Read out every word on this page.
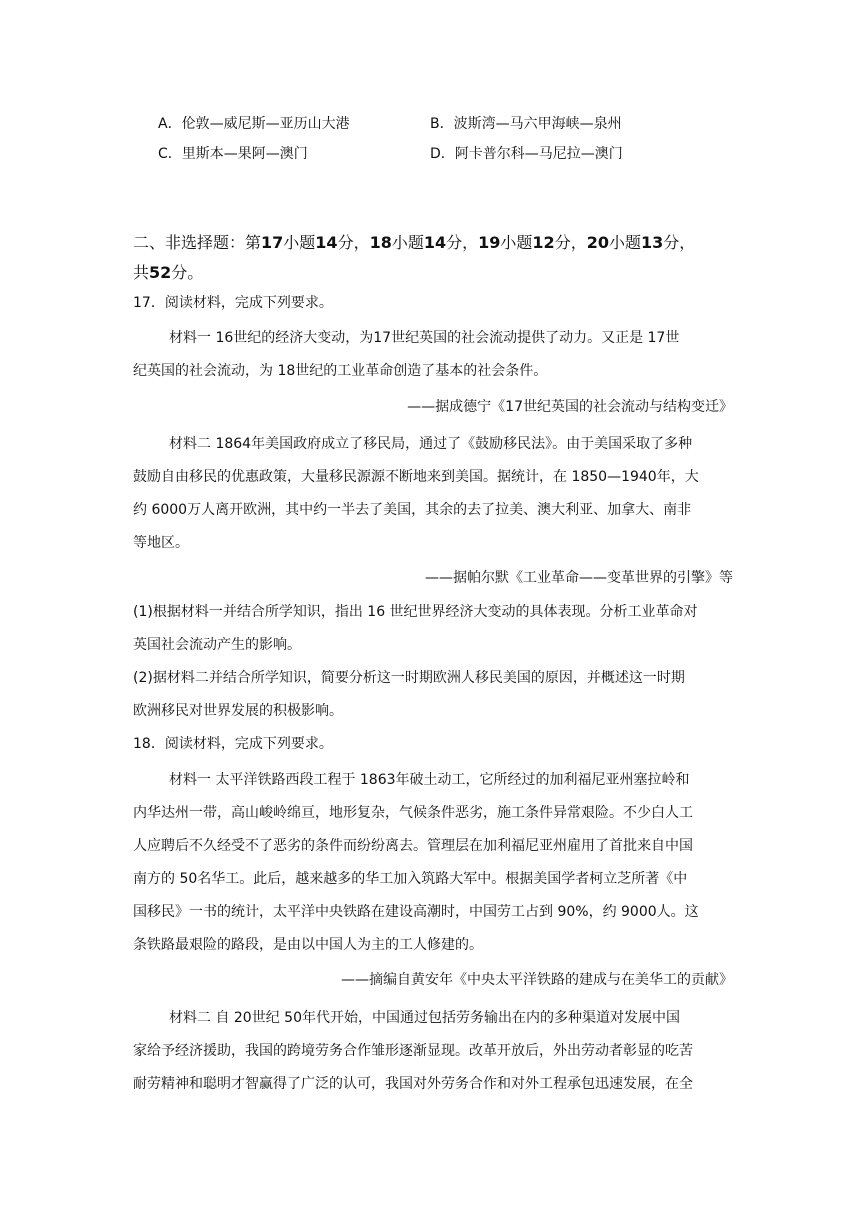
A．伦敦—威尼斯—亚历山大港	B．波斯湾—马六甲海峡—泉州
C．里斯本—果阿—澳门	D．阿卡普尔科—马尼拉—澳门
二、非选择题：第17小题14分，18小题14分，19小题12分，20小题13分，
共52分。
17．阅读材料，完成下列要求。
材料一 16世纪的经济大变动，为17世纪英国的社会流动提供了动力。又正是 17世
纪英国的社会流动，为 18世纪的工业革命创造了基本的社会条件。
——据成德宁《17世纪英国的社会流动与结构变迁》
材料二 1864年美国政府成立了移民局，通过了《鼓励移民法》。由于美国采取了多种
鼓励自由移民的优惠政策，大量移民源源不断地来到美国。据统计，在 1850—1940年，大
约 6000万人离开欧洲，其中约一半去了美国，其余的去了拉美、澳大利亚、加拿大、南非
等地区。
——据帕尔默《工业革命——变革世界的引擎》等
(1)根据材料一并结合所学知识，指出 16 世纪世界经济大变动的具体表现。分析工业革命对
英国社会流动产生的影响。
(2)据材料二并结合所学知识，简要分析这一时期欧洲人移民美国的原因，并概述这一时期
欧洲移民对世界发展的积极影响。
18．阅读材料，完成下列要求。
材料一 太平洋铁路西段工程于 1863年破土动工，它所经过的加利福尼亚州塞拉岭和
内华达州一带，高山峻岭绵亘，地形复杂，气候条件恶劣，施工条件异常艰险。不少白人工
人应聘后不久经受不了恶劣的条件而纷纷离去。管理层在加利福尼亚州雇用了首批来自中国
南方的 50名华工。此后，越来越多的华工加入筑路大军中。根据美国学者柯立芝所著《中
国移民》一书的统计，太平洋中央铁路在建设高潮时，中国劳工占到 90%，约 9000人。这
条铁路最艰险的路段，是由以中国人为主的工人修建的。
——摘编自黄安年《中央太平洋铁路的建成与在美华工的贡献》
材料二 自 20世纪 50年代开始，中国通过包括劳务输出在内的多种渠道对发展中国
家给予经济援助，我国的跨境劳务合作雏形逐渐显现。改革开放后，外出劳动者彰显的吃苦
耐劳精神和聪明才智赢得了广泛的认可，我国对外劳务合作和对外工程承包迅速发展，在全
